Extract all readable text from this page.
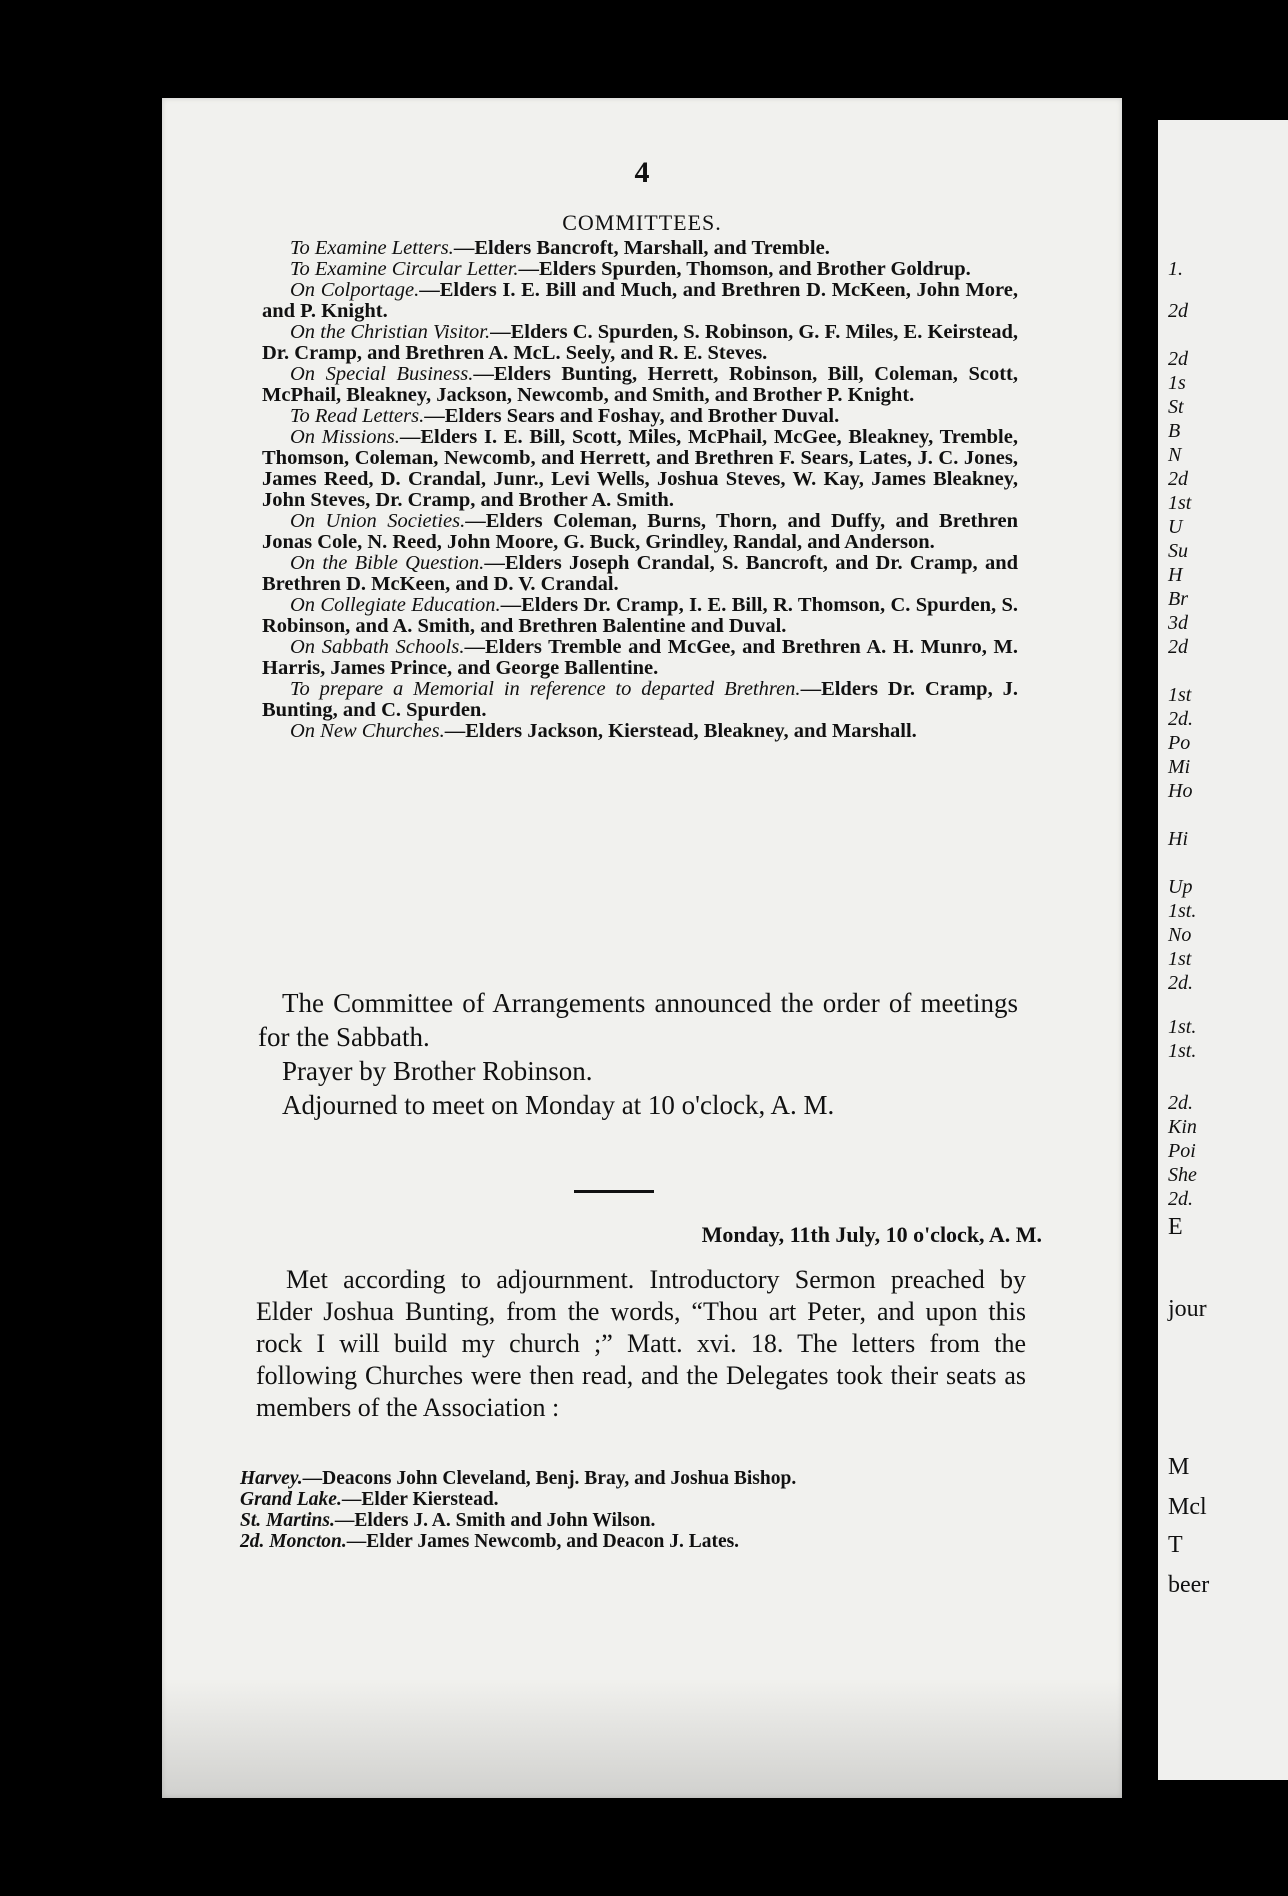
4
COMMITTEES.

To Examine Letters.—Elders Bancroft, Marshall, and Tremble.

To Examine Circular Letter.—Elders Spurden, Thomson, and Brother Goldrup.

On Colportage.—Elders I. E. Bill and Much, and Brethren D. McKeen, John More, and P. Knight.

On the Christian Visitor.—Elders C. Spurden, S. Robinson, G. F. Miles, E. Keirstead, Dr. Cramp, and Brethren A. McL. Seely, and R. E. Steves.

On Special Business.—Elders Bunting, Herrett, Robinson, Bill, Coleman, Scott, McPhail, Bleakney, Jackson, Newcomb, and Smith, and Brother P. Knight.

To Read Letters.—Elders Sears and Foshay, and Brother Duval.

On Missions.—Elders I. E. Bill, Scott, Miles, McPhail, McGee, Bleakney, Tremble, Thomson, Coleman, Newcomb, and Herrett, and Brethren F. Sears, Lates, J. C. Jones, James Reed, D. Crandal, Junr., Levi Wells, Joshua Steves, W. Kay, James Bleakney, John Steves, Dr. Cramp, and Brother A. Smith.

On Union Societies.—Elders Coleman, Burns, Thorn, and Duffy, and Brethren Jonas Cole, N. Reed, John Moore, G. Buck, Grindley, Randal, and Anderson.

On the Bible Question.—Elders Joseph Crandal, S. Bancroft, and Dr. Cramp, and Brethren D. McKeen, and D. V. Crandal.

On Collegiate Education.—Elders Dr. Cramp, I. E. Bill, R. Thomson, C. Spurden, S. Robinson, and A. Smith, and Brethren Balentine and Duval.

On Sabbath Schools.—Elders Tremble and McGee, and Brethren A. H. Munro, M. Harris, James Prince, and George Ballentine.

To prepare a Memorial in reference to departed Brethren.—Elders Dr. Cramp, J. Bunting, and C. Spurden.

On New Churches.—Elders Jackson, Kierstead, Bleakney, and Marshall.

The Committee of Arrangements announced the order of meetings for the Sabbath.

Prayer by Brother Robinson.

Adjourned to meet on Monday at 10 o'clock, A. M.

Monday, 11th July, 10 o'clock, A. M.

Met according to adjournment. Introductory Sermon preached by Elder Joshua Bunting, from the words, “Thou art Peter, and upon this rock I will build my church ;” Matt. xvi. 18. The letters from the following Churches were then read, and the Delegates took their seats as members of the Association :

Harvey.—Deacons John Cleveland, Benj. Bray, and Joshua Bishop.

Grand Lake.—Elder Kierstead.

St. Martins.—Elders J. A. Smith and John Wilson.

2d. Moncton.—Elder James Newcomb, and Deacon J. Lates.

1.
2d
2d
1s
St
B
N
2d
1st
U
Su
H
Br
3d
2d
1st
2d.
Po
Mi
Ho
Hi
Up
1st.
No
1st
2d.
1st.
1st.
2d.
Kin
Poi
She
2d.
E
jour
M
Mcl
T
beer
